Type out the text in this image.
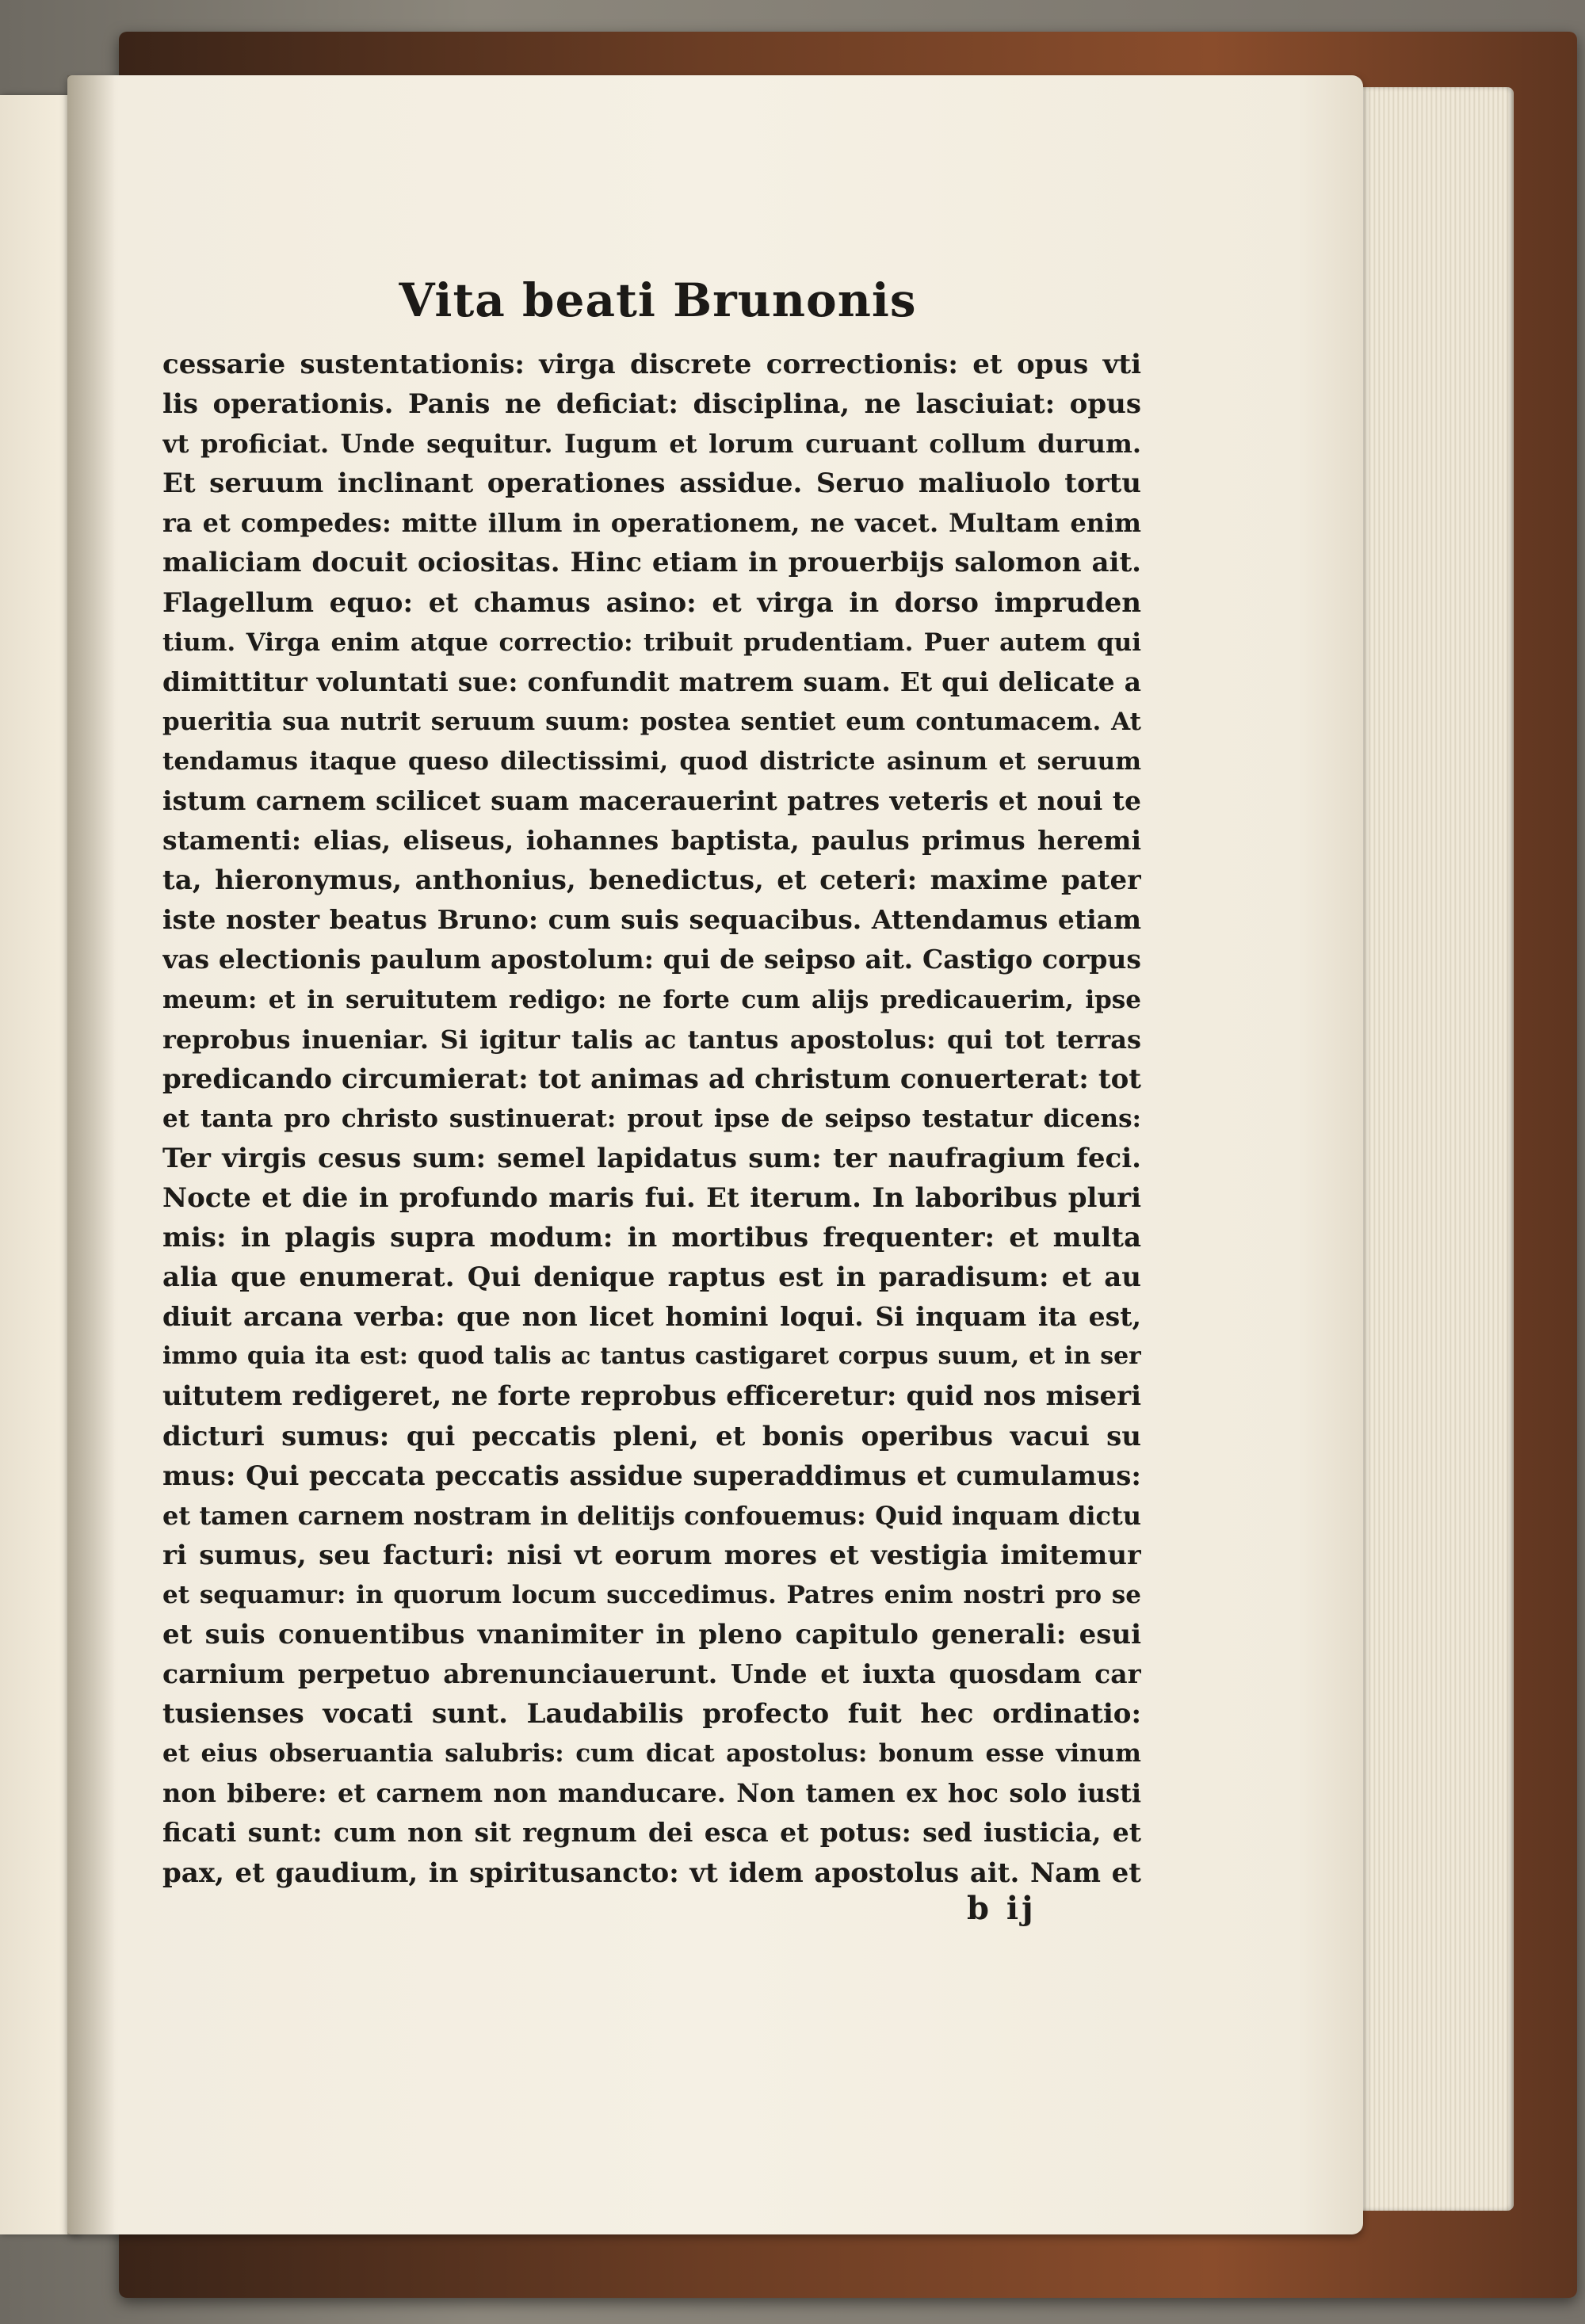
Vita beati Brunonis
cessarie sustentationis: virga discrete correctionis: et opus vti
lis operationis. Panis ne deficiat: disciplina, ne lasciuiat: opus
vt proficiat. Unde sequitur. Iugum et lorum curuant collum durum.
Et seruum inclinant operationes assidue. Seruo maliuolo tortu
ra et compedes: mitte illum in operationem, ne vacet. Multam enim
maliciam docuit ociositas. Hinc etiam in prouerbijs salomon ait.
Flagellum equo: et chamus asino: et virga in dorso impruden
tium. Virga enim atque correctio: tribuit prudentiam. Puer autem qui
dimittitur voluntati sue: confundit matrem suam. Et qui delicate a
pueritia sua nutrit seruum suum: postea sentiet eum contumacem. At
tendamus itaque queso dilectissimi, quod districte asinum et seruum
istum carnem scilicet suam macerauerint patres veteris et noui te
stamenti: elias, eliseus, iohannes baptista, paulus primus heremi
ta, hieronymus, anthonius, benedictus, et ceteri: maxime pater
iste noster beatus Bruno: cum suis sequacibus. Attendamus etiam
vas electionis paulum apostolum: qui de seipso ait. Castigo corpus
meum: et in seruitutem redigo: ne forte cum alijs predicauerim, ipse
reprobus inueniar. Si igitur talis ac tantus apostolus: qui tot terras
predicando circumierat: tot animas ad christum conuerterat: tot
et tanta pro christo sustinuerat: prout ipse de seipso testatur dicens:
Ter virgis cesus sum: semel lapidatus sum: ter naufragium feci.
Nocte et die in profundo maris fui. Et iterum. In laboribus pluri
mis: in plagis supra modum: in mortibus frequenter: et multa
alia que enumerat. Qui denique raptus est in paradisum: et au
diuit arcana verba: que non licet homini loqui. Si inquam ita est,
immo quia ita est: quod talis ac tantus castigaret corpus suum, et in ser
uitutem redigeret, ne forte reprobus efficeretur: quid nos miseri
dicturi sumus: qui peccatis pleni, et bonis operibus vacui su
mus: Qui peccata peccatis assidue superaddimus et cumulamus:
et tamen carnem nostram in delitijs confouemus: Quid inquam dictu
ri sumus, seu facturi: nisi vt eorum mores et vestigia imitemur
et sequamur: in quorum locum succedimus. Patres enim nostri pro se
et suis conuentibus vnanimiter in pleno capitulo generali: esui
carnium perpetuo abrenunciauerunt. Unde et iuxta quosdam car
tusienses vocati sunt. Laudabilis profecto fuit hec ordinatio:
et eius obseruantia salubris: cum dicat apostolus: bonum esse vinum
non bibere: et carnem non manducare. Non tamen ex hoc solo iusti
ficati sunt: cum non sit regnum dei esca et potus: sed iusticia, et
pax, et gaudium, in spiritusancto: vt idem apostolus ait. Nam et
b ij
